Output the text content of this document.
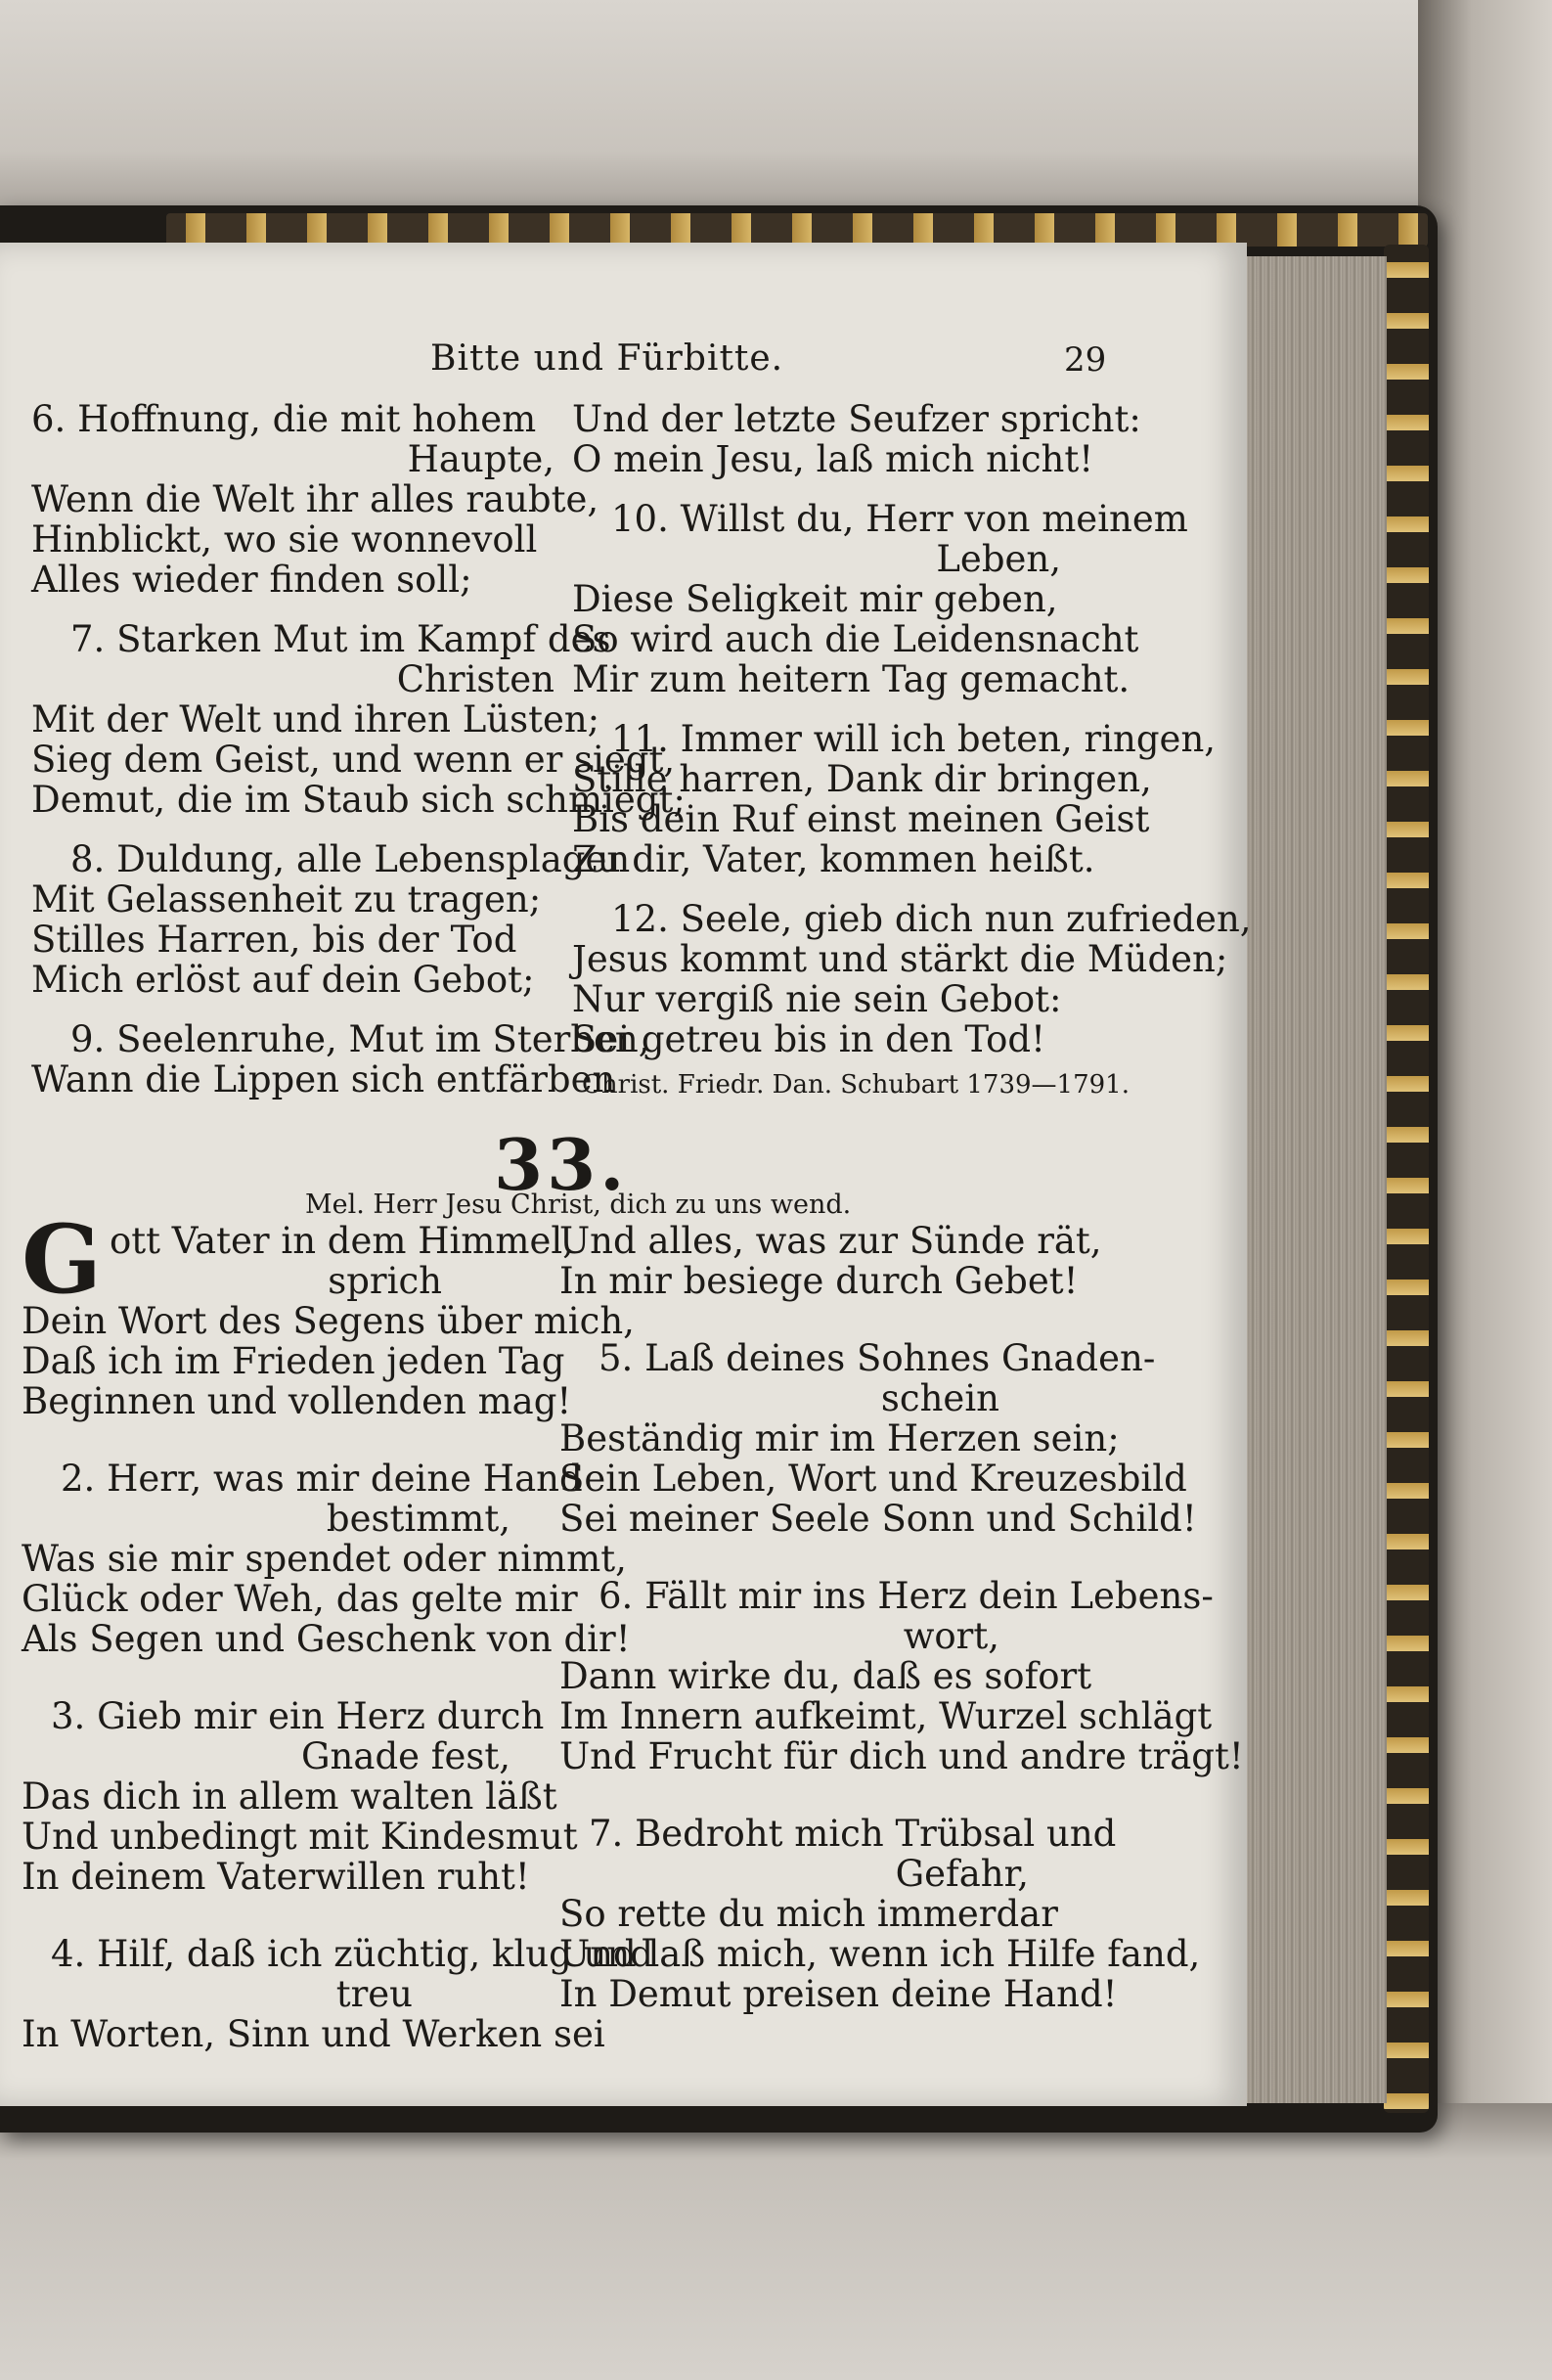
Bitte und Fürbitte.	29

6. Hoffnung, die mit hohem

Haupte,

Wenn die Welt ihr alles raubte,

Hinblickt, wo sie wonnevoll

Alles wieder finden soll;

7. Starken Mut im Kampf des

Christen

Mit der Welt und ihren Lüsten;

Sieg dem Geist, und wenn er siegt,

Demut, die im Staub sich schmiegt;

8. Duldung, alle Lebensplagen

Mit Gelassenheit zu tragen;

Stilles Harren, bis der Tod

Mich erlöst auf dein Gebot;

9. Seelenruhe, Mut im Sterben,

Wann die Lippen sich entfärben

Und der letzte Seufzer spricht:

O mein Jesu, laß mich nicht!

10. Willst du, Herr von meinem

Leben,

Diese Seligkeit mir geben,

So wird auch die Leidensnacht

Mir zum heitern Tag gemacht.

11. Immer will ich beten, ringen,

Stille harren, Dank dir bringen,

Bis dein Ruf einst meinen Geist

Zu dir, Vater, kommen heißt.

12. Seele, gieb dich nun zufrieden,

Jesus kommt und stärkt die Müden;

Nur vergiß nie sein Gebot:

Sei getreu bis in den Tod!

Christ. Friedr. Dan. Schubart 1739—1791.

33.
Mel. Herr Jesu Christ, dich zu uns wend.
G ott Vater in dem Himmel,

sprich

Dein Wort des Segens über mich,

Daß ich im Frieden jeden Tag

Beginnen und vollenden mag!

2. Herr, was mir deine Hand

bestimmt,

Was sie mir spendet oder nimmt,

Glück oder Weh, das gelte mir

Als Segen und Geschenk von dir!

3. Gieb mir ein Herz durch

Gnade fest,

Das dich in allem walten läßt

Und unbedingt mit Kindesmut

In deinem Vaterwillen ruht!

4. Hilf, daß ich züchtig, klug und

treu

In Worten, Sinn und Werken sei

Und alles, was zur Sünde rät,

In mir besiege durch Gebet!

5. Laß deines Sohnes Gnaden-

schein

Beständig mir im Herzen sein;

Sein Leben, Wort und Kreuzesbild

Sei meiner Seele Sonn und Schild!

6. Fällt mir ins Herz dein Lebens-

wort,

Dann wirke du, daß es sofort

Im Innern aufkeimt, Wurzel schlägt

Und Frucht für dich und andre trägt!

7. Bedroht mich Trübsal und

Gefahr,

So rette du mich immerdar

Und laß mich, wenn ich Hilfe fand,

In Demut preisen deine Hand!
